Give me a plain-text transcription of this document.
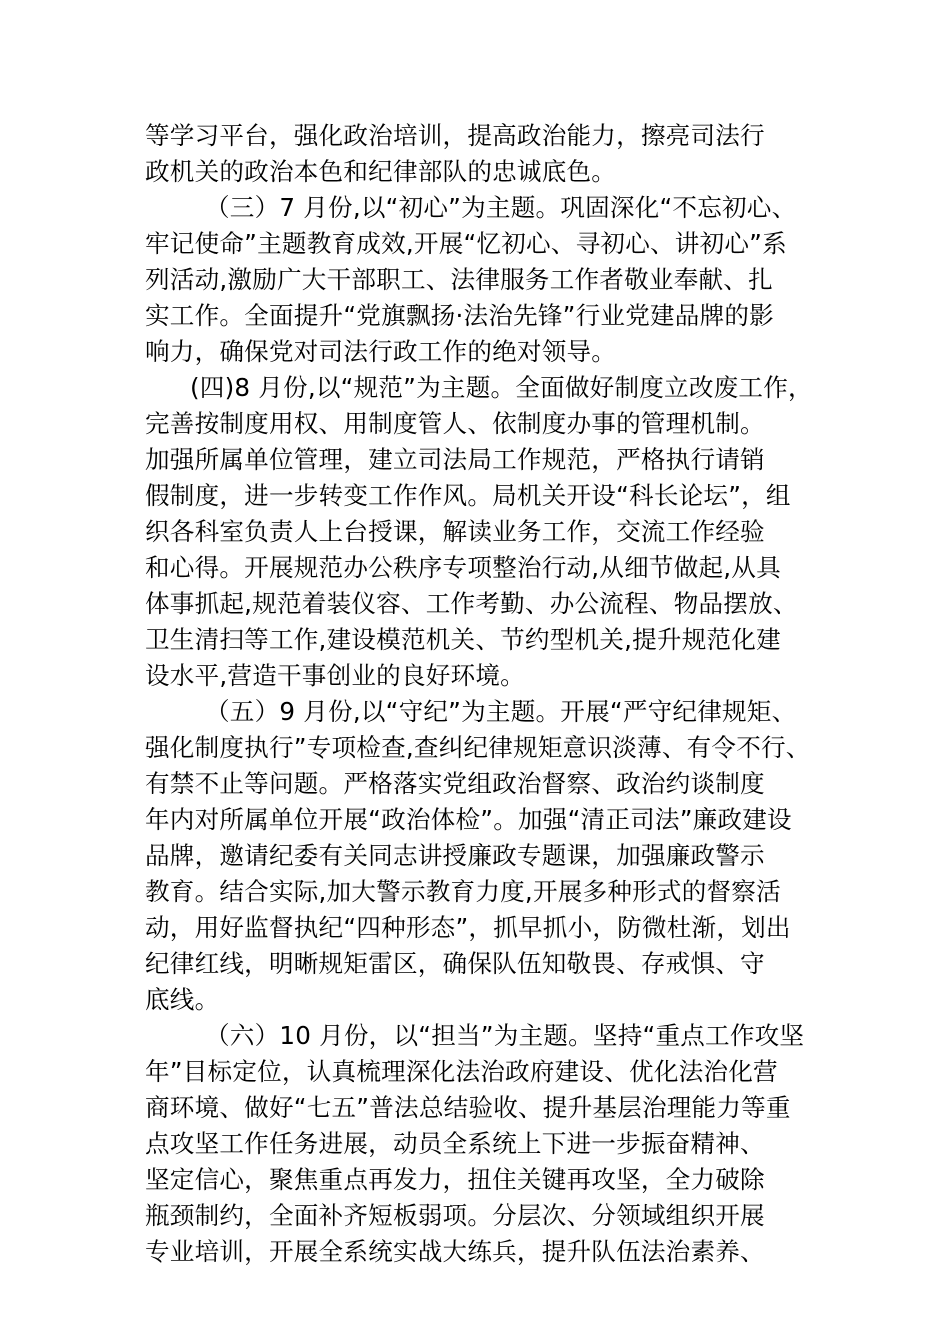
等学习平台，强化政治培训，提高政治能力，擦亮司法行
政机关的政治本色和纪律部队的忠诚底色。
（三）7 月份,以“初心”为主题。巩固深化“不忘初心、
牢记使命”主题教育成效,开展“忆初心、寻初心、讲初心”系
列活动,激励广大干部职工、法律服务工作者敬业奉献、扎
实工作。全面提升“党旗飘扬·法治先锋”行业党建品牌的影
响力，确保党对司法行政工作的绝对领导。
(四)8 月份,以“规范”为主题。全面做好制度立改废工作，
完善按制度用权、用制度管人、依制度办事的管理机制。
加强所属单位管理，建立司法局工作规范，严格执行请销
假制度，进一步转变工作作风。局机关开设“科长论坛”，组
织各科室负责人上台授课，解读业务工作，交流工作经验
和心得。开展规范办公秩序专项整治行动,从细节做起,从具
体事抓起,规范着装仪容、工作考勤、办公流程、物品摆放、
卫生清扫等工作,建设模范机关、节约型机关,提升规范化建
设水平,营造干事创业的良好环境。
（五）9 月份,以“守纪”为主题。开展“严守纪律规矩、
强化制度执行”专项检查,查纠纪律规矩意识淡薄、有令不行、
有禁不止等问题。严格落实党组政治督察、政治约谈制度
年内对所属单位开展“政治体检”。加强“清正司法”廉政建设
品牌，邀请纪委有关同志讲授廉政专题课，加强廉政警示
教育。结合实际,加大警示教育力度,开展多种形式的督察活
动，用好监督执纪“四种形态”，抓早抓小，防微杜渐，划出
纪律红线，明晰规矩雷区，确保队伍知敬畏、存戒惧、守
底线。
（六）10 月份，以“担当”为主题。坚持“重点工作攻坚
年”目标定位，认真梳理深化法治政府建设、优化法治化营
商环境、做好“七五”普法总结验收、提升基层治理能力等重
点攻坚工作任务进展，动员全系统上下进一步振奋精神、
坚定信心，聚焦重点再发力，扭住关键再攻坚，全力破除
瓶颈制约，全面补齐短板弱项。分层次、分领域组织开展
专业培训，开展全系统实战大练兵，提升队伍法治素养、
